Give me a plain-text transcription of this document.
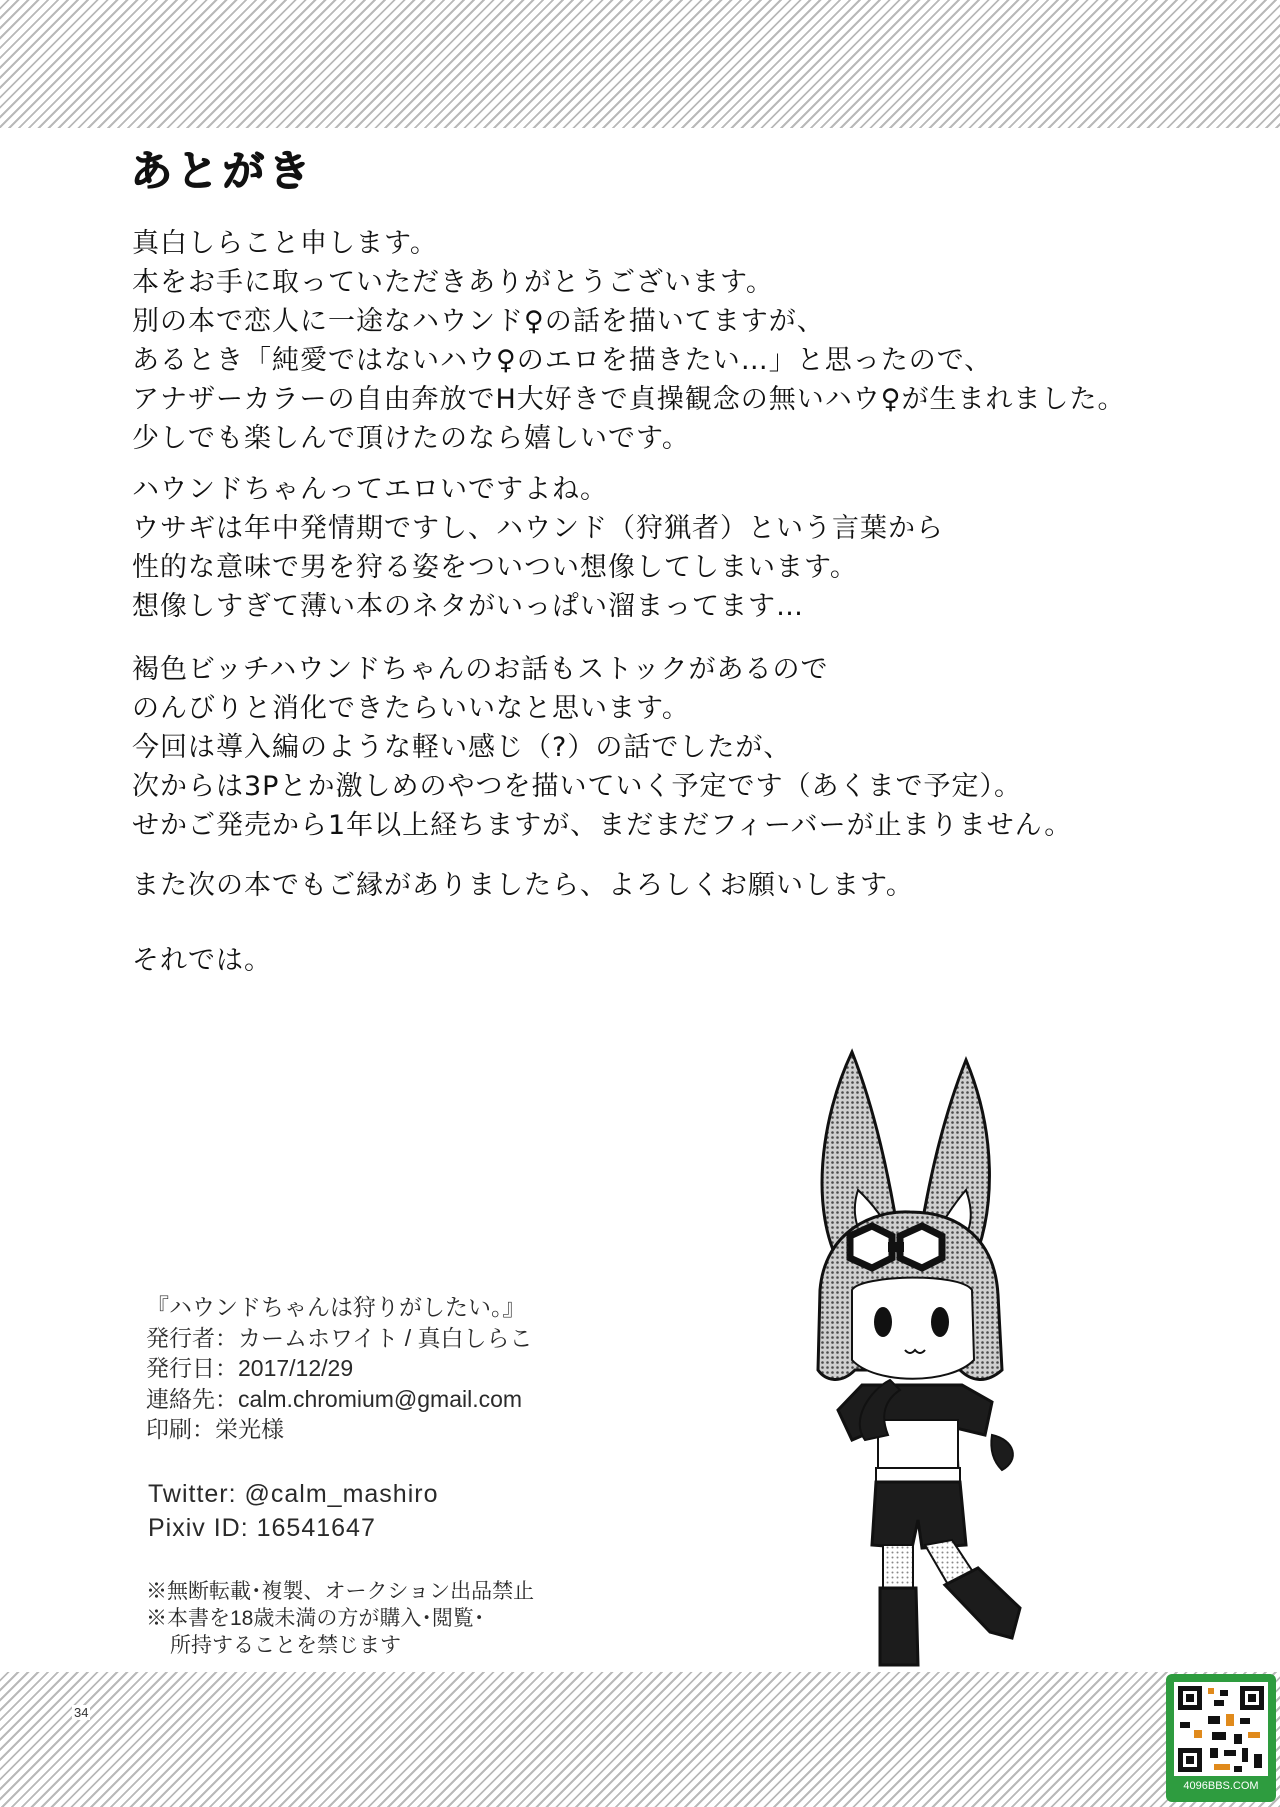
あとがき

真白しらこと申します。
本をお手に取っていただきありがとうございます。
別の本で恋人に一途なハウンド♀の話を描いてますが、
あるとき「純愛ではないハウ♀のエロを描きたい…」と思ったので、
アナザーカラーの自由奔放でH大好きで貞操観念の無いハウ♀が生まれました。
少しでも楽しんで頂けたのなら嬉しいです。

ハウンドちゃんってエロいですよね。
ウサギは年中発情期ですし、ハウンド（狩猟者）という言葉から
性的な意味で男を狩る姿をついつい想像してしまいます。
想像しすぎて薄い本のネタがいっぱい溜まってます…

褐色ビッチハウンドちゃんのお話もストックがあるので
のんびりと消化できたらいいなと思います。
今回は導入編のような軽い感じ（?）の話でしたが、
次からは3Pとか激しめのやつを描いていく予定です（あくまで予定）。
せかご発売から1年以上経ちますが、まだまだフィーバーが止まりません。

また次の本でもご縁がありましたら、よろしくお願いします。

それでは。

『ハウンドちゃんは狩りがしたい。』
発行者：カームホワイト / 真白しらこ
発行日：2017/12/29
連絡先：calm.chromium@gmail.com
印刷：栄光様
Twitter: @calm_mashiro
Pixiv ID: 16541647
※無断転載･複製、オークション出品禁止
※本書を18歳未満の方が購入･閲覧･
所持することを禁じます
34
4096BBS.COM
